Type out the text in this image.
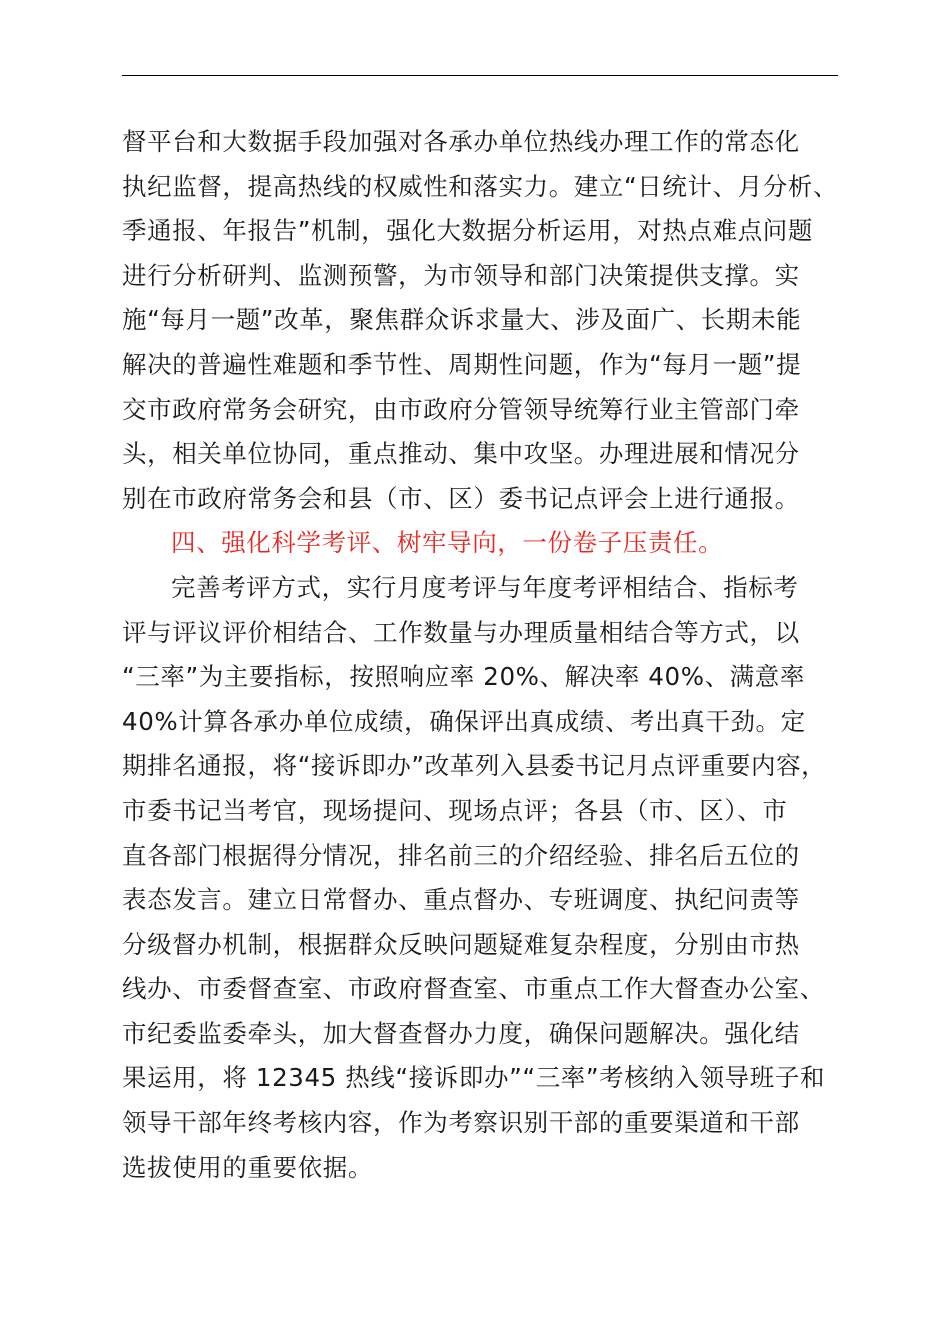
督平台和大数据手段加强对各承办单位热线办理工作的常态化
执纪监督，提高热线的权威性和落实力。建立“日统计、月分析、
季通报、年报告”机制，强化大数据分析运用，对热点难点问题
进行分析研判、监测预警，为市领导和部门决策提供支撑。实
施“每月一题”改革，聚焦群众诉求量大、涉及面广、长期未能
解决的普遍性难题和季节性、周期性问题，作为“每月一题”提
交市政府常务会研究，由市政府分管领导统筹行业主管部门牵
头，相关单位协同，重点推动、集中攻坚。办理进展和情况分
别在市政府常务会和县（市、区）委书记点评会上进行通报。
四、强化科学考评、树牢导向，一份卷子压责任。
完善考评方式，实行月度考评与年度考评相结合、指标考
评与评议评价相结合、工作数量与办理质量相结合等方式，以
“三率”为主要指标，按照响应率 20%、解决率 40%、满意率
40%计算各承办单位成绩，确保评出真成绩、考出真干劲。定
期排名通报，将“接诉即办”改革列入县委书记月点评重要内容，
市委书记当考官，现场提问、现场点评；各县（市、区）、市
直各部门根据得分情况，排名前三的介绍经验、排名后五位的
表态发言。建立日常督办、重点督办、专班调度、执纪问责等
分级督办机制，根据群众反映问题疑难复杂程度，分别由市热
线办、市委督查室、市政府督查室、市重点工作大督查办公室、
市纪委监委牵头，加大督查督办力度，确保问题解决。强化结
果运用，将 12345 热线“接诉即办”“三率”考核纳入领导班子和
领导干部年终考核内容，作为考察识别干部的重要渠道和干部
选拔使用的重要依据。
